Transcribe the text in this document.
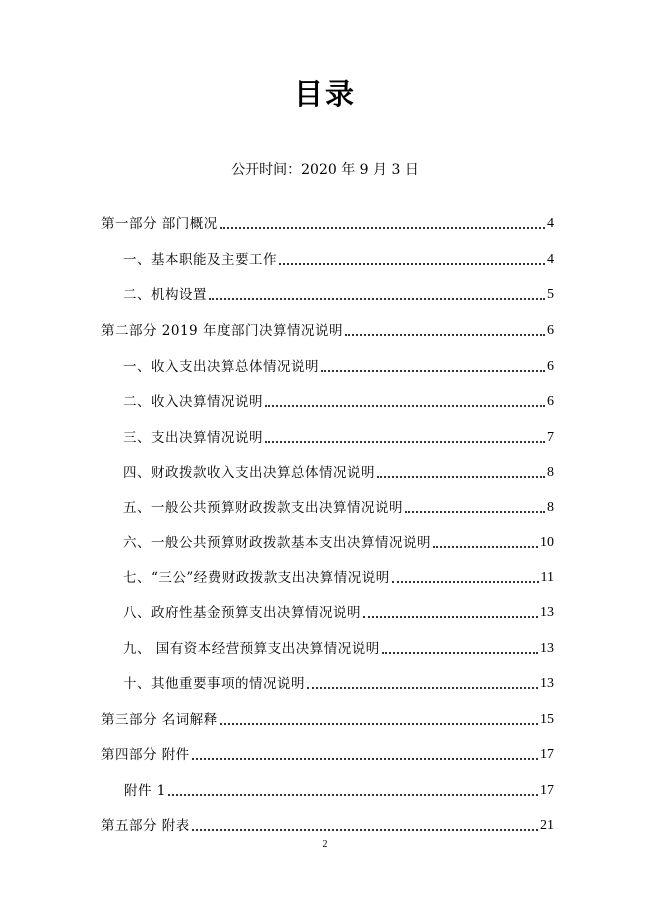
目录
公开时间：2020 年 9 月 3 日
第一部分 部门概况	4
一、基本职能及主要工作	4
二、机构设置	5
第二部分 2019 年度部门决算情况说明	6
一、收入支出决算总体情况说明	6
二、收入决算情况说明	6
三、支出决算情况说明	7
四、财政拨款收入支出决算总体情况说明	8
五、一般公共预算财政拨款支出决算情况说明	8
六、一般公共预算财政拨款基本支出决算情况说明	10
七、“三公”经费财政拨款支出决算情况说明	11
八、政府性基金预算支出决算情况说明	13
九、 国有资本经营预算支出决算情况说明	13
十、其他重要事项的情况说明	13
第三部分 名词解释	15
第四部分 附件	17
附件 1	17
第五部分 附表	21
2
